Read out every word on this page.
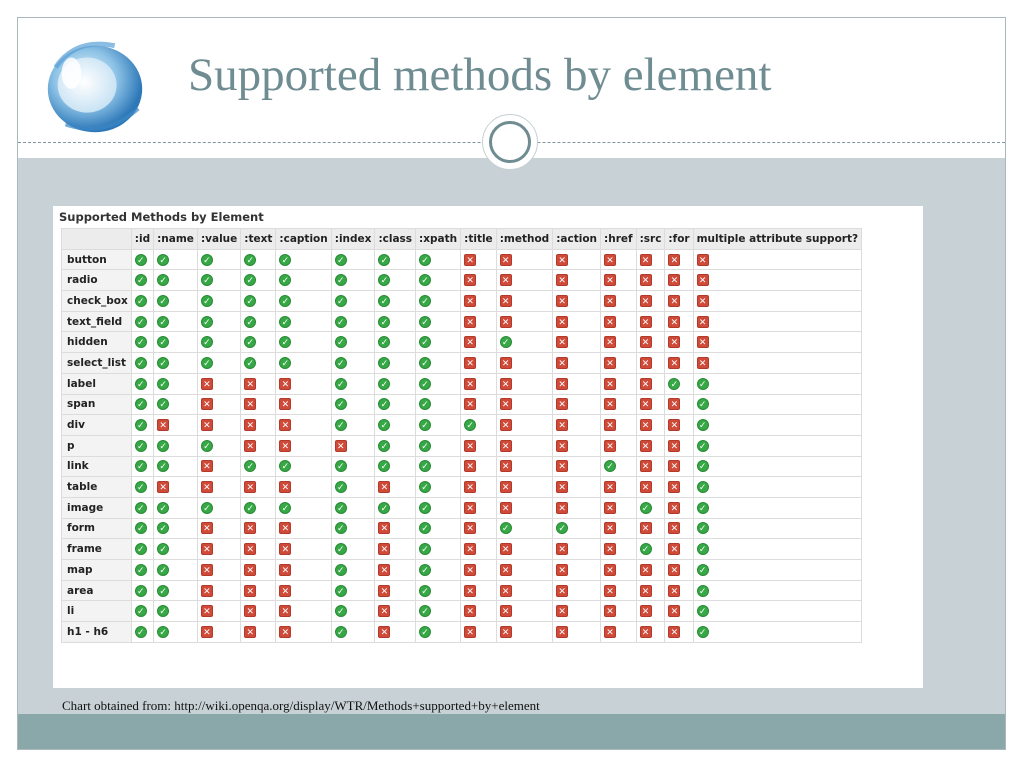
Supported methods by element
Supported Methods by Element
	:id	:name	:value	:text	:caption	:index	:class	:xpath	:title	:method	:action	:href	:src	:for	multiple attribute support?
button	✓	✓	✓	✓	✓	✓	✓	✓	✕	✕	✕	✕	✕	✕	✕
radio	✓	✓	✓	✓	✓	✓	✓	✓	✕	✕	✕	✕	✕	✕	✕
check_box	✓	✓	✓	✓	✓	✓	✓	✓	✕	✕	✕	✕	✕	✕	✕
text_field	✓	✓	✓	✓	✓	✓	✓	✓	✕	✕	✕	✕	✕	✕	✕
hidden	✓	✓	✓	✓	✓	✓	✓	✓	✕	✓	✕	✕	✕	✕	✕
select_list	✓	✓	✓	✓	✓	✓	✓	✓	✕	✕	✕	✕	✕	✕	✕
label	✓	✓	✕	✕	✕	✓	✓	✓	✕	✕	✕	✕	✕	✓	✓
span	✓	✓	✕	✕	✕	✓	✓	✓	✕	✕	✕	✕	✕	✕	✓
div	✓	✕	✕	✕	✕	✓	✓	✓	✓	✕	✕	✕	✕	✕	✓
p	✓	✓	✓	✕	✕	✕	✓	✓	✕	✕	✕	✕	✕	✕	✓
link	✓	✓	✕	✓	✓	✓	✓	✓	✕	✕	✕	✓	✕	✕	✓
table	✓	✕	✕	✕	✕	✓	✕	✓	✕	✕	✕	✕	✕	✕	✓
image	✓	✓	✓	✓	✓	✓	✓	✓	✕	✕	✕	✕	✓	✕	✓
form	✓	✓	✕	✕	✕	✓	✕	✓	✕	✓	✓	✕	✕	✕	✓
frame	✓	✓	✕	✕	✕	✓	✕	✓	✕	✕	✕	✕	✓	✕	✓
map	✓	✓	✕	✕	✕	✓	✕	✓	✕	✕	✕	✕	✕	✕	✓
area	✓	✓	✕	✕	✕	✓	✕	✓	✕	✕	✕	✕	✕	✕	✓
li	✓	✓	✕	✕	✕	✓	✕	✓	✕	✕	✕	✕	✕	✕	✓
h1 - h6	✓	✓	✕	✕	✕	✓	✕	✓	✕	✕	✕	✕	✕	✕	✓
Chart obtained from: http://wiki.openqa.org/display/WTR/Methods+supported+by+element
